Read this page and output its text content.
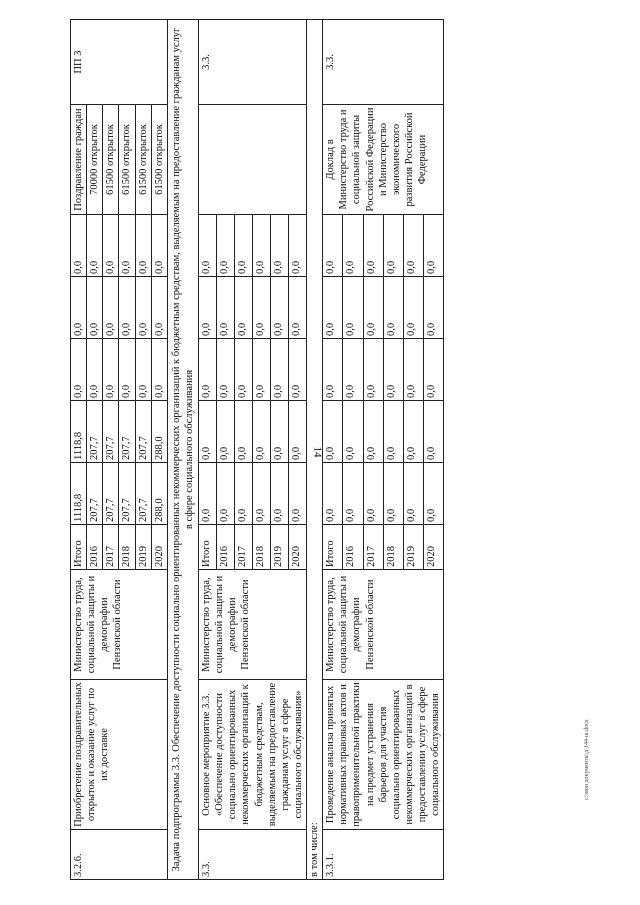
14
c:\мои документы\д\144-ш.docx
3.2.6.	Приобретение поздравительных открыток и оказание услуг по их доставке	Министерство труда, социальной защиты и демографии Пензенской области	Итого	1118,8	1118,8	0,0	0,0	0,0	Поздравление граждан	ПП 3
			2016	207,7	207,7	0,0	0,0	0,0	70000 открыток	
			2017	207,7	207,7	0,0	0,0	0,0	61500 открыток	
			2018	207,7	207,7	0,0	0,0	0,0	61500 открыток	
			2019	207,7	207,7	0,0	0,0	0,0	61500 открыток	
			2020	288,0	288,0	0,0	0,0	0,0	61500 открыток	
Задача подпрограммы 3.3. Обеспечение доступности социально ориентированных некоммерческих организаций к бюджетным средствам, выделяемым на предоставление гражданам услуг в сфере социального обслуживания										
3.3.	Основное мероприятие 3.3. «Обеспечение доступности социально ориентированных некоммерческих организаций к бюджетным средствам, выделяемым на предоставление гражданам услуг в сфере социального обслуживания»	Министерство труда, социальной защиты и демографии Пензенской области	Итого	0,0	0,0	0,0	0,0	0,0		3.3.
			2016	0,0	0,0	0,0	0,0	0,0		
			2017	0,0	0,0	0,0	0,0	0,0		
			2018	0,0	0,0	0,0	0,0	0,0		
			2019	0,0	0,0	0,0	0,0	0,0		
			2020	0,0	0,0	0,0	0,0	0,0		
в том числе:										
3.3.1.	Проведение анализа принятых нормативных правовых актов и правоприменительной практики на предмет устранения барьеров для участия социально ориентированных некоммерческих организаций в предоставлении услуг в сфере социального обслуживания	Министерство труда, социальной защиты и демографии Пензенской области	Итого	0,0	0,0	0,0	0,0	0,0	Доклад в Министерство труда и социальной защиты Российской Федерации и Министерство экономического развития Российской Федерации	3.3.
			2016	0,0	0,0	0,0	0,0	0,0		
			2017	0,0	0,0	0,0	0,0	0,0		
			2018	0,0	0,0	0,0	0,0	0,0		
			2019	0,0	0,0	0,0	0,0	0,0		
			2020	0,0	0,0	0,0	0,0	0,0		
